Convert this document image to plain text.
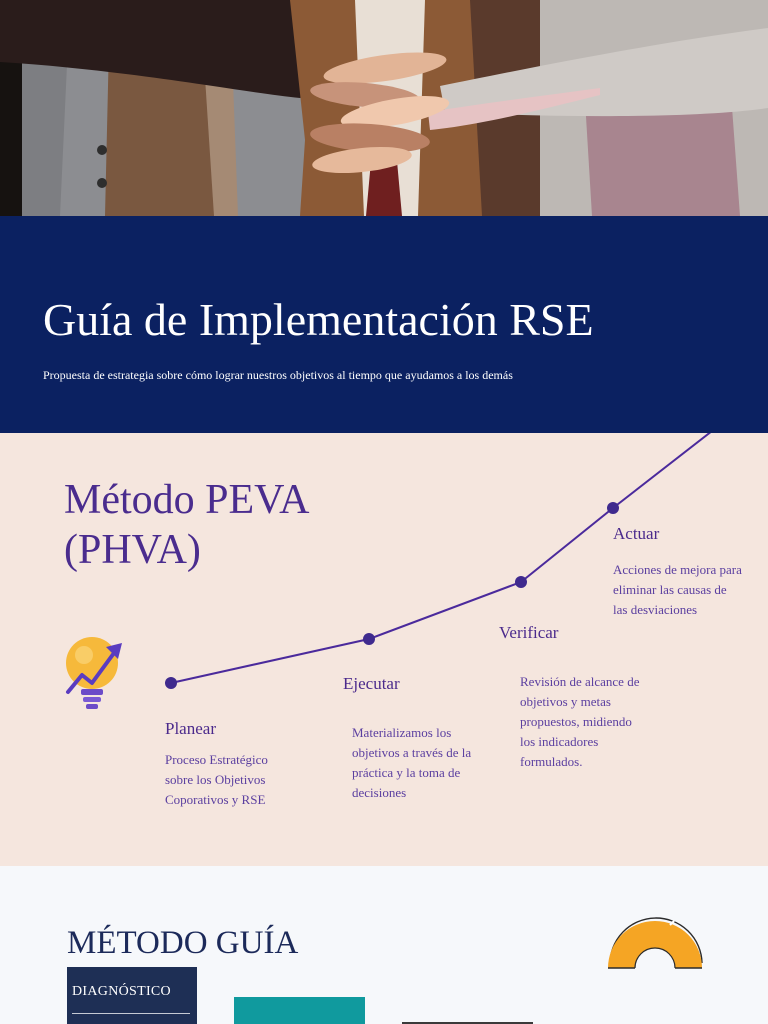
Guía de Implementación RSE

Propuesta de estrategia sobre cómo lograr nuestros objetivos al tiempo que ayudamos a los demás

Método PEVA
(PHVA)
Planear
Proceso Estratégico
sobre los Objetivos
Coporativos y RSE
Ejecutar
Materializamos los
objetivos a través de la
práctica y la toma de
decisiones
Verificar
Revisión de alcance de
objetivos y metas
propuestos, midiendo
los indicadores
formulados.
Actuar
Acciones de mejora para
eliminar las causas de
las desviaciones
MÉTODO GUÍA
DIAGNÓSTICO
